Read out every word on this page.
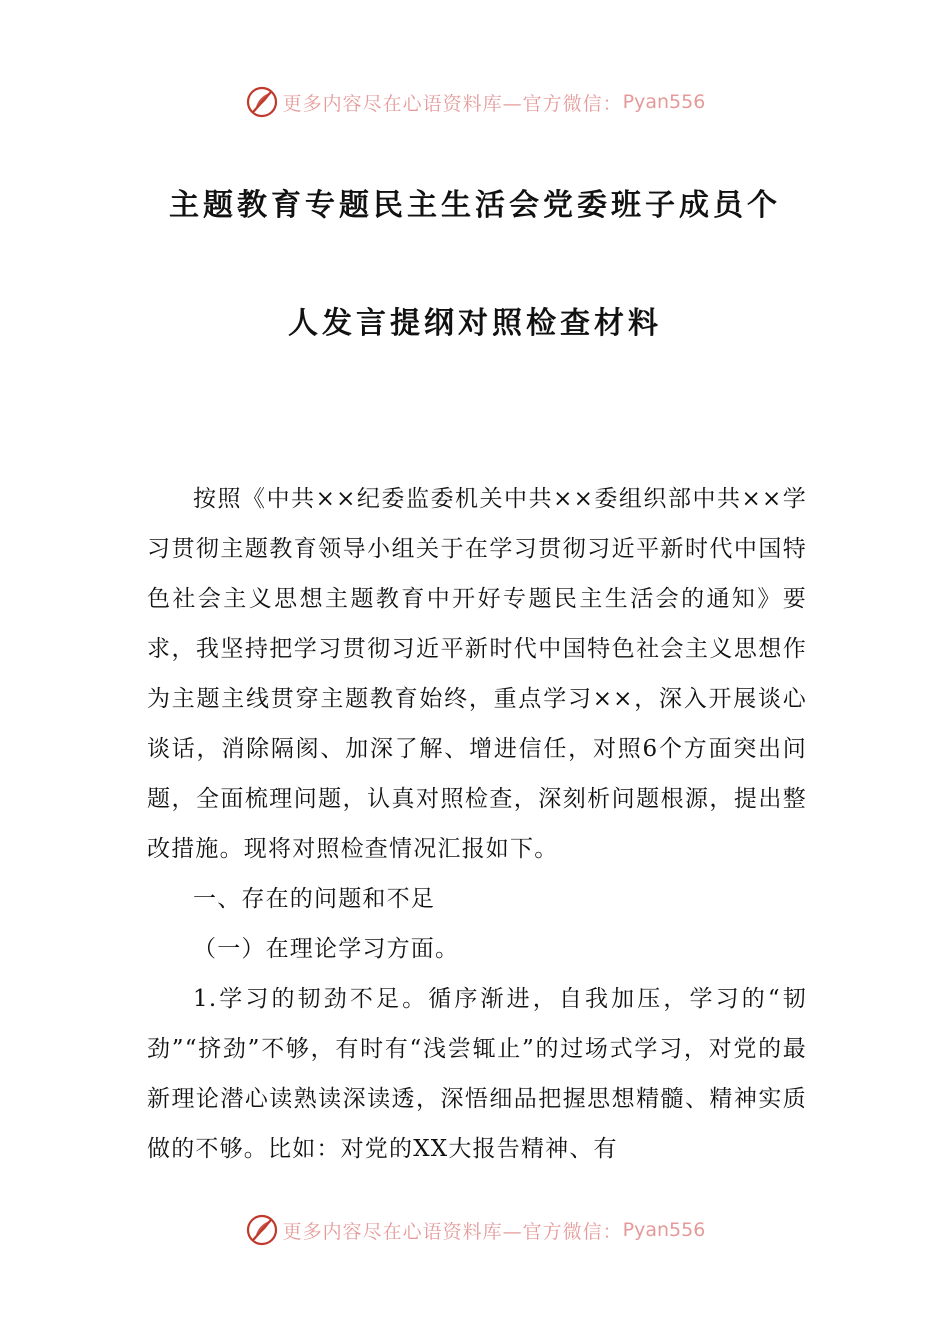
更多内容尽在心语资料库—官方微信： Pyan556
主题教育专题民主生活会党委班子成员个
人发言提纲对照检查材料

按照《中共××纪委监委机关中共××委组织部中共××学习贯彻主题教育领导小组关于在学习贯彻习近平新时代中国特色社会主义思想主题教育中开好专题民主生活会的通知》要求，我坚持把学习贯彻习近平新时代中国特色社会主义思想作为主题主线贯穿主题教育始终，重点学习××，深入开展谈心谈话，消除隔阂、加深了解、增进信任，对照6个方面突出问题，全面梳理问题，认真对照检查，深刻析问题根源，提出整改措施。现将对照检查情况汇报如下。

一、存在的问题和不足

（一）在理论学习方面。

1.学习的韧劲不足。循序渐进，自我加压，学习的“韧劲”“挤劲”不够，有时有“浅尝辄止”的过场式学习，对党的最新理论潜心读熟读深读透，深悟细品把握思想精髓、精神实质做的不够。比如：对党的XX大报告精神、有

更多内容尽在心语资料库—官方微信： Pyan556
